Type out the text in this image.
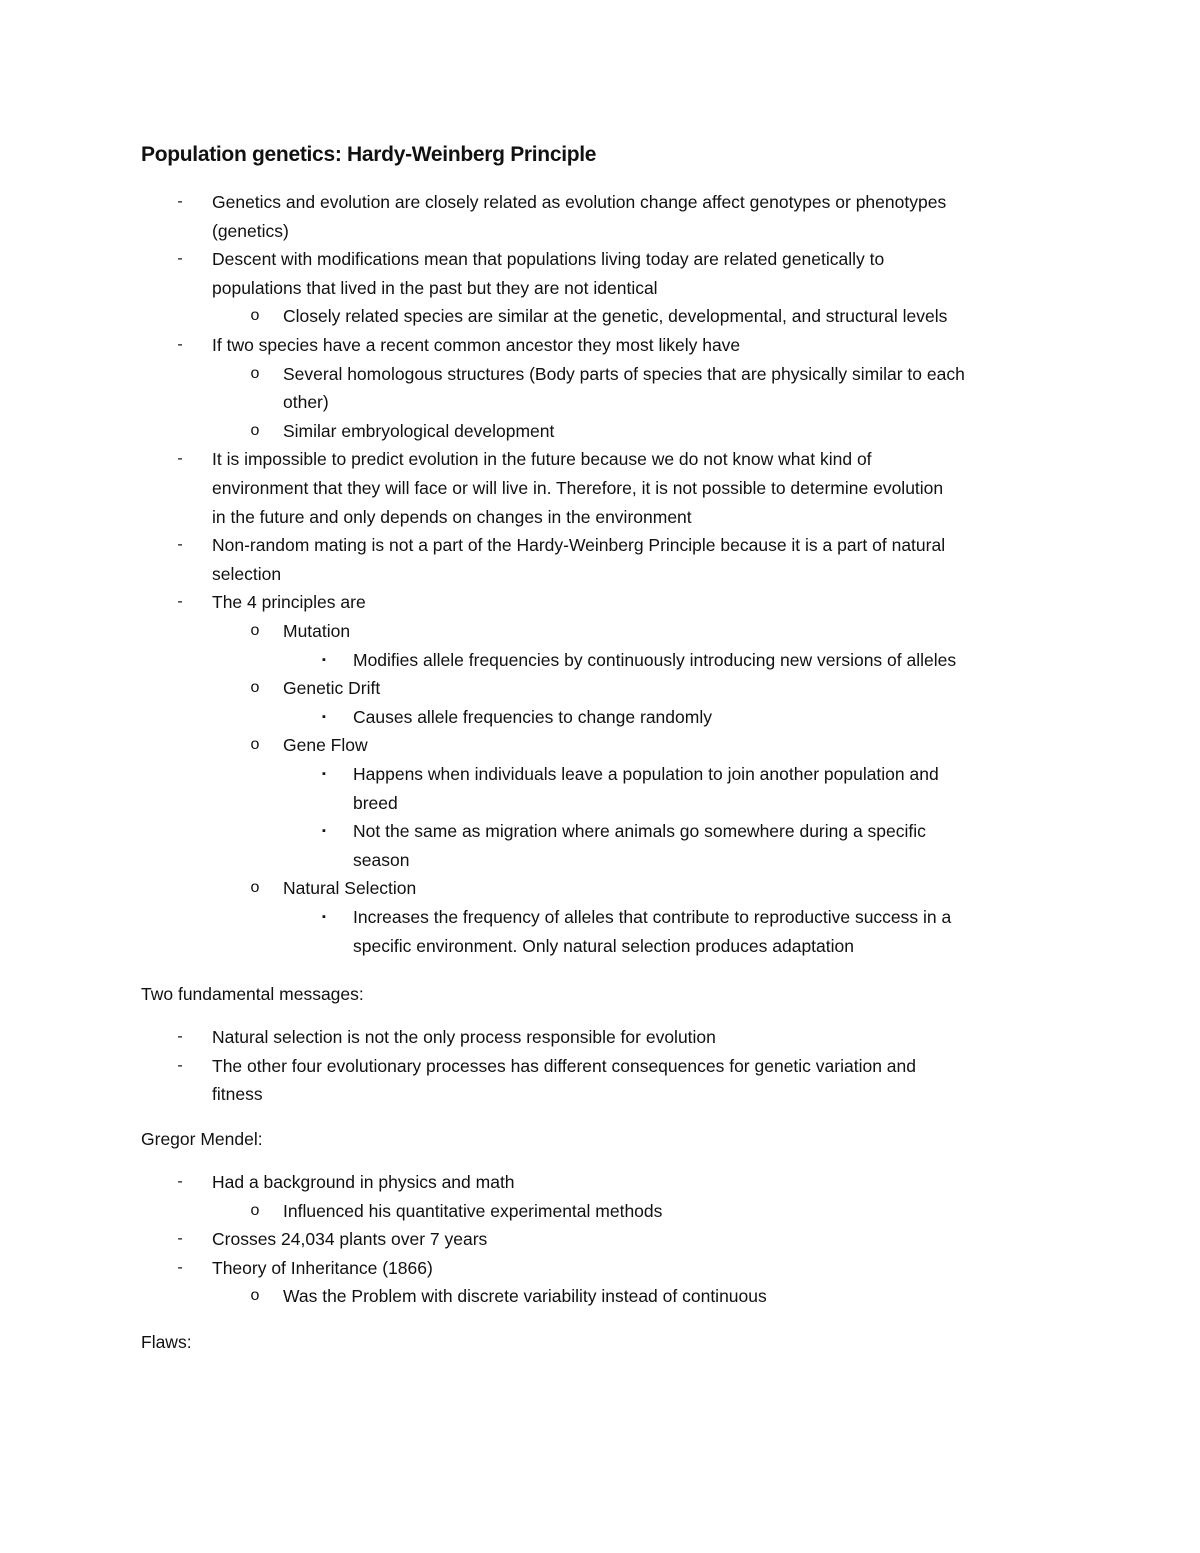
Population genetics: Hardy-Weinberg Principle
- Genetics and evolution are closely related as evolution change affect genotypes or phenotypes
(genetics)
- Descent with modifications mean that populations living today are related genetically to
populations that lived in the past but they are not identical
o Closely related species are similar at the genetic, developmental, and structural levels
- If two species have a recent common ancestor they most likely have
o Several homologous structures (Body parts of species that are physically similar to each
other)
o Similar embryological development
- It is impossible to predict evolution in the future because we do not know what kind of
environment that they will face or will live in. Therefore, it is not possible to determine evolution
in the future and only depends on changes in the environment
- Non-random mating is not a part of the Hardy-Weinberg Principle because it is a part of natural
selection
- The 4 principles are
o Mutation
▪ Modifies allele frequencies by continuously introducing new versions of alleles
o Genetic Drift
▪ Causes allele frequencies to change randomly
o Gene Flow
▪ Happens when individuals leave a population to join another population and
breed
▪ Not the same as migration where animals go somewhere during a specific
season
o Natural Selection
▪ Increases the frequency of alleles that contribute to reproductive success in a
specific environment. Only natural selection produces adaptation
Two fundamental messages:
- Natural selection is not the only process responsible for evolution
- The other four evolutionary processes has different consequences for genetic variation and
fitness
Gregor Mendel:
- Had a background in physics and math
o Influenced his quantitative experimental methods
- Crosses 24,034 plants over 7 years
- Theory of Inheritance (1866)
o Was the Problem with discrete variability instead of continuous
Flaws:
